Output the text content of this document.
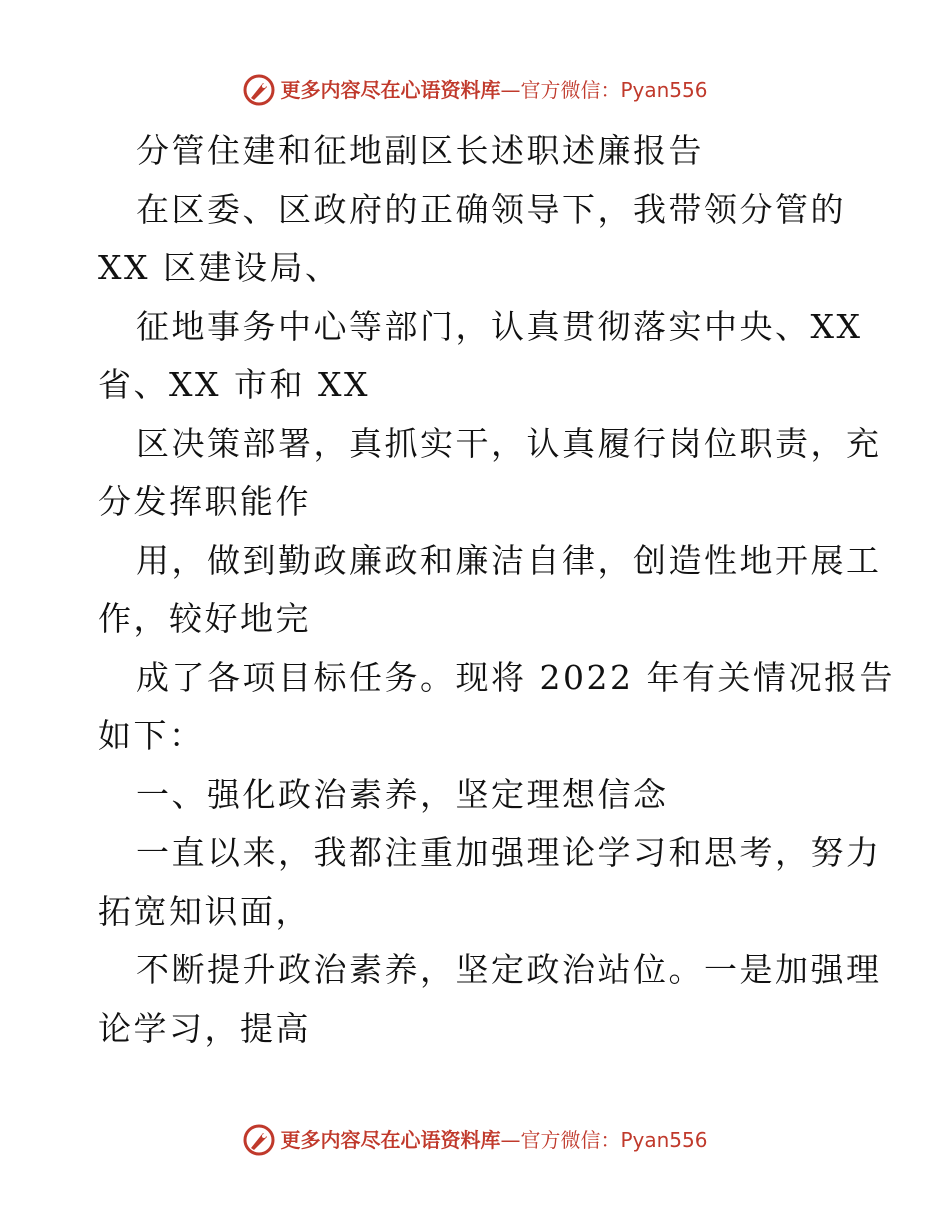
更多内容尽在心语资料库—官方微信：Pyan556
分管住建和征地副区长述职述廉报告
在区委、区政府的正确领导下，我带领分管的
XX 区建设局、
征地事务中心等部门，认真贯彻落实中央、XX
省、XX 市和 XX
区决策部署，真抓实干，认真履行岗位职责，充
分发挥职能作
用，做到勤政廉政和廉洁自律，创造性地开展工
作，较好地完
成了各项目标任务。现将 2022 年有关情况报告
如下：
一、强化政治素养，坚定理想信念
一直以来，我都注重加强理论学习和思考，努力
拓宽知识面，
不断提升政治素养，坚定政治站位。一是加强理
论学习，提高
更多内容尽在心语资料库—官方微信：Pyan556
